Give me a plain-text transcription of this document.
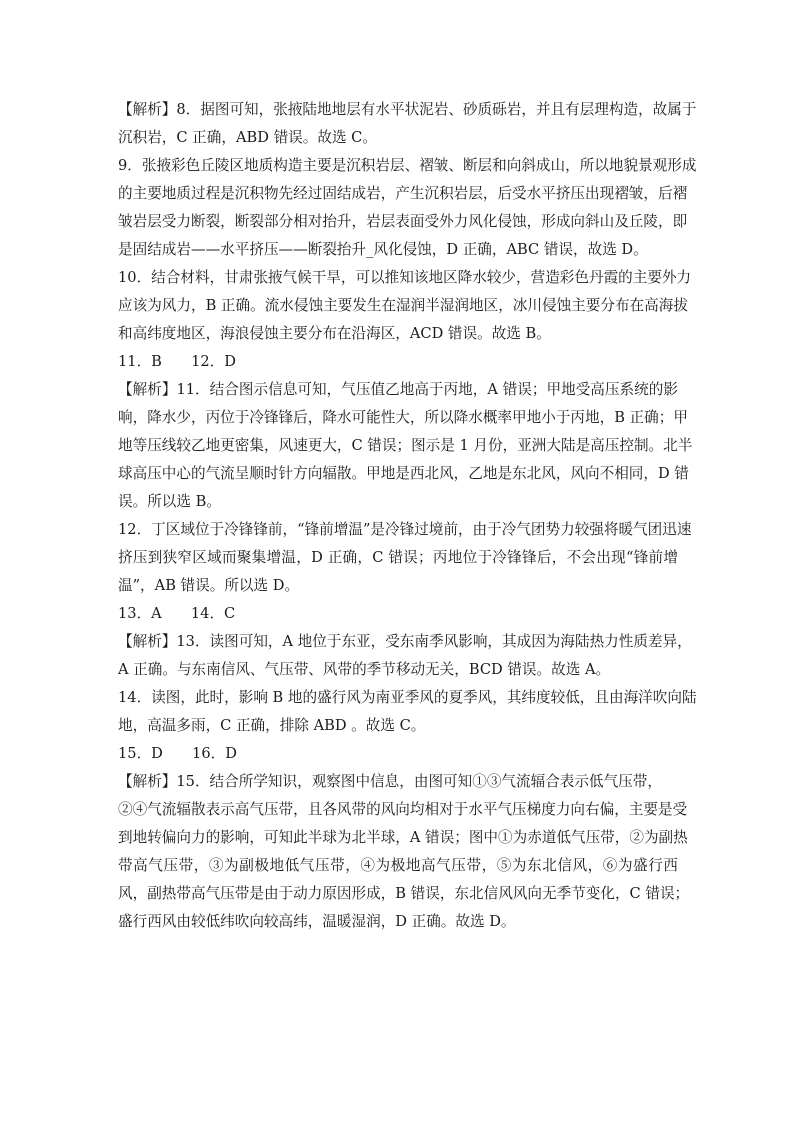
【解析】8．据图可知，张掖陆地地层有水平状泥岩、砂质砾岩，并且有层理构造，故属于
沉积岩，C 正确，ABD 错误。故选 C。
9．张掖彩色丘陵区地质构造主要是沉积岩层、褶皱、断层和向斜成山，所以地貌景观形成
的主要地质过程是沉积物先经过固结成岩，产生沉积岩层，后受水平挤压出现褶皱，后褶
皱岩层受力断裂，断裂部分相对抬升，岩层表面受外力风化侵蚀，形成向斜山及丘陵，即
是固结成岩——水平挤压——断裂抬升_风化侵蚀，D 正确，ABC 错误，故选 D。
10．结合材料，甘肃张掖气候干旱，可以推知该地区降水较少，营造彩色丹霞的主要外力
应该为风力，B 正确。流水侵蚀主要发生在湿润半湿润地区，冰川侵蚀主要分布在高海拔
和高纬度地区，海浪侵蚀主要分布在沿海区，ACD 错误。故选 B。
11．B　　12．D
【解析】11．结合图示信息可知，气压值乙地高于丙地，A 错误；甲地受高压系统的影
响，降水少，丙位于冷锋锋后，降水可能性大，所以降水概率甲地小于丙地，B 正确；甲
地等压线较乙地更密集，风速更大，C 错误；图示是 1 月份，亚洲大陆是高压控制。北半
球高压中心的气流呈顺时针方向辐散。甲地是西北风，乙地是东北风，风向不相同，D 错
误。所以选 B。
12．丁区域位于冷锋锋前，“锋前增温”是冷锋过境前，由于冷气团势力较强将暖气团迅速
挤压到狭窄区域而聚集增温，D 正确，C 错误；丙地位于冷锋锋后，不会出现“锋前增
温”，AB 错误。所以选 D。
13．A　　14．C
【解析】13．读图可知，A 地位于东亚，受东南季风影响，其成因为海陆热力性质差异，
A 正确。与东南信风、气压带、风带的季节移动无关，BCD 错误。故选 A。
14．读图，此时，影响 B 地的盛行风为南亚季风的夏季风，其纬度较低，且由海洋吹向陆
地，高温多雨，C 正确，排除 ABD 。故选 C。
15．D　　16．D
【解析】15．结合所学知识，观察图中信息，由图可知①③气流辐合表示低气压带，
②④气流辐散表示高气压带，且各风带的风向均相对于水平气压梯度力向右偏，主要是受
到地转偏向力的影响，可知此半球为北半球，A 错误；图中①为赤道低气压带，②为副热
带高气压带，③为副极地低气压带，④为极地高气压带，⑤为东北信风，⑥为盛行西
风，副热带高气压带是由于动力原因形成，B 错误，东北信风风向无季节变化，C 错误；
盛行西风由较低纬吹向较高纬，温暖湿润，D 正确。故选 D。
